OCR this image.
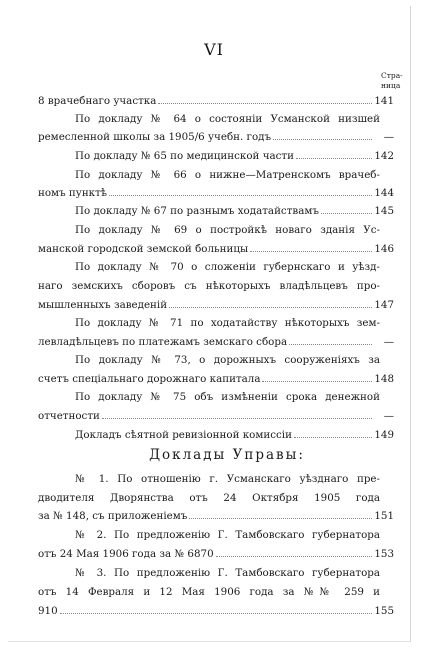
VI
Стра-
ница
8 врачебнаго участка	141
По докладу № 64 о состоянiи Усманской низшей
ремесленной школы за 1905/6 учебн. годъ	—
По докладу № 65 по медицинской части	142
По докладу № 66 о нижне—Матренскомъ врачеб-
номъ пунктѣ	144
По докладу № 67 по разнымъ ходатайствамъ	145
По докладу № 69 о постройкѣ новаго зданiя Ус-
манской городской земской больницы	146
По докладу № 70 о сложенiи губернскаго и уѣзд-
наго земскихъ сборовъ съ нѣкоторыхъ владѣльцевъ про-
мышленныхъ заведенiй	147
По докладу № 71 по ходатайству нѣкоторыхъ зем-
левладѣльцевъ по платежамъ земскаго сбора	—
По докладу № 73, о дорожныхъ сооруженiяхъ за
счетъ спецiальнаго дорожнаго капитала	148
По докладу № 75 объ измѣненiи срока денежной
отчетности	—
Докладъ сѣятной ревизiонной комиссiи	149
Доклады Управы:
№ 1. По отношенiю г. Усманскаго уѣзднаго пре-
дводителя Дворянства отъ 24 Октября 1905 года
за № 148, съ приложенiемъ	151
№ 2. По предложенiю Г. Тамбовскаго губернатора
отъ 24 Мая 1906 года за № 6870	153
№ 3. По предложенiю Г. Тамбовскаго губернатора
отъ 14 Февраля и 12 Мая 1906 года за №№ 259 и
910	155
